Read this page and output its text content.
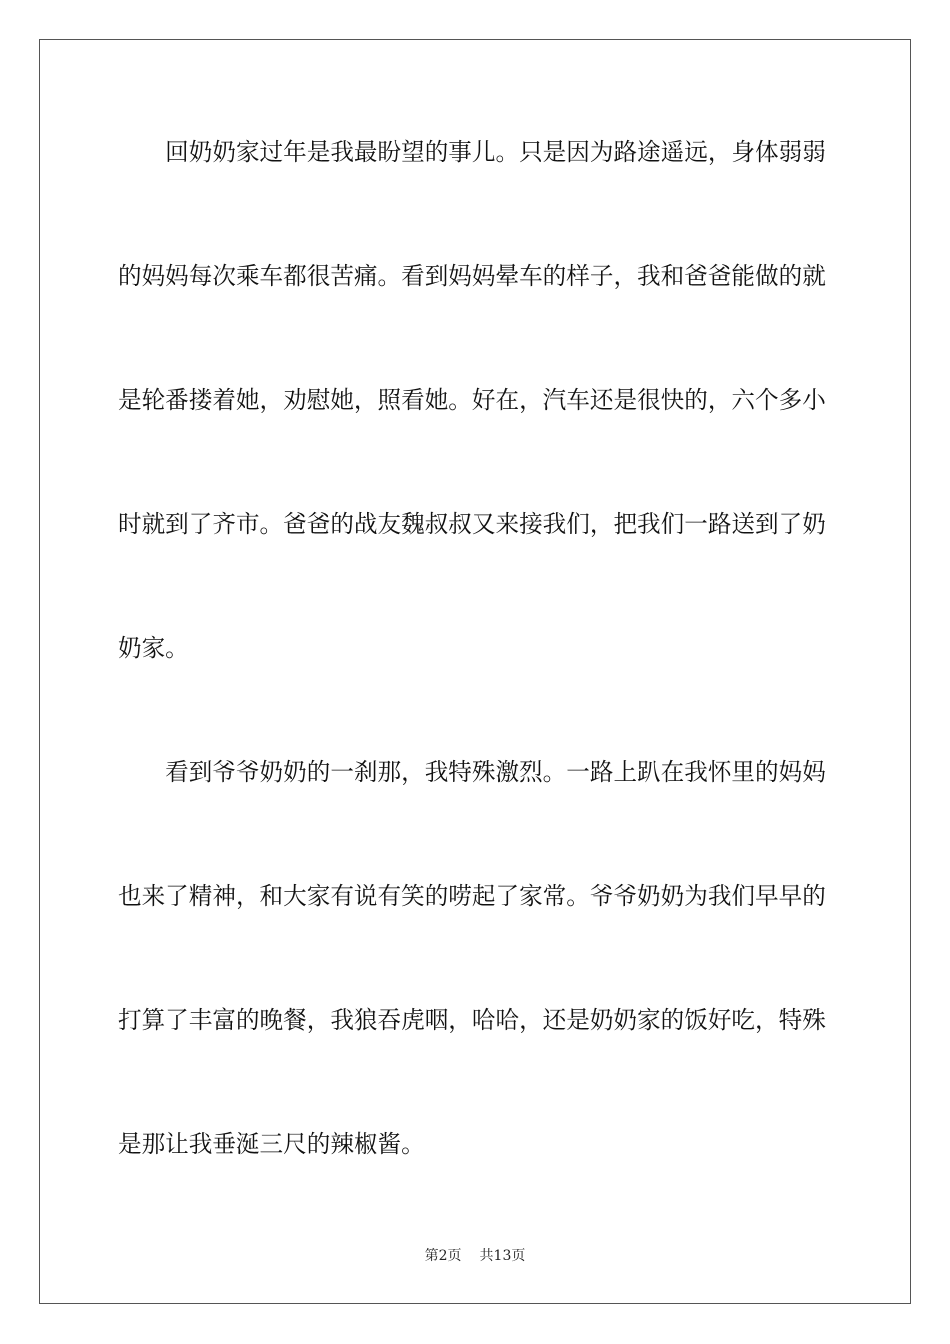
　　回奶奶家过年是我最盼望的事儿。只是因为路途遥远，身体弱弱
的妈妈每次乘车都很苦痛。看到妈妈晕车的样子，我和爸爸能做的就
是轮番搂着她，劝慰她，照看她。好在，汽车还是很快的，六个多小
时就到了齐市。爸爸的战友魏叔叔又来接我们，把我们一路送到了奶
奶家。
　　看到爷爷奶奶的一刹那，我特殊激烈。一路上趴在我怀里的妈妈
也来了精神，和大家有说有笑的唠起了家常。爷爷奶奶为我们早早的
打算了丰富的晚餐，我狼吞虎咽，哈哈，还是奶奶家的饭好吃，特殊
是那让我垂涎三尺的辣椒酱。
第2页 共13页
